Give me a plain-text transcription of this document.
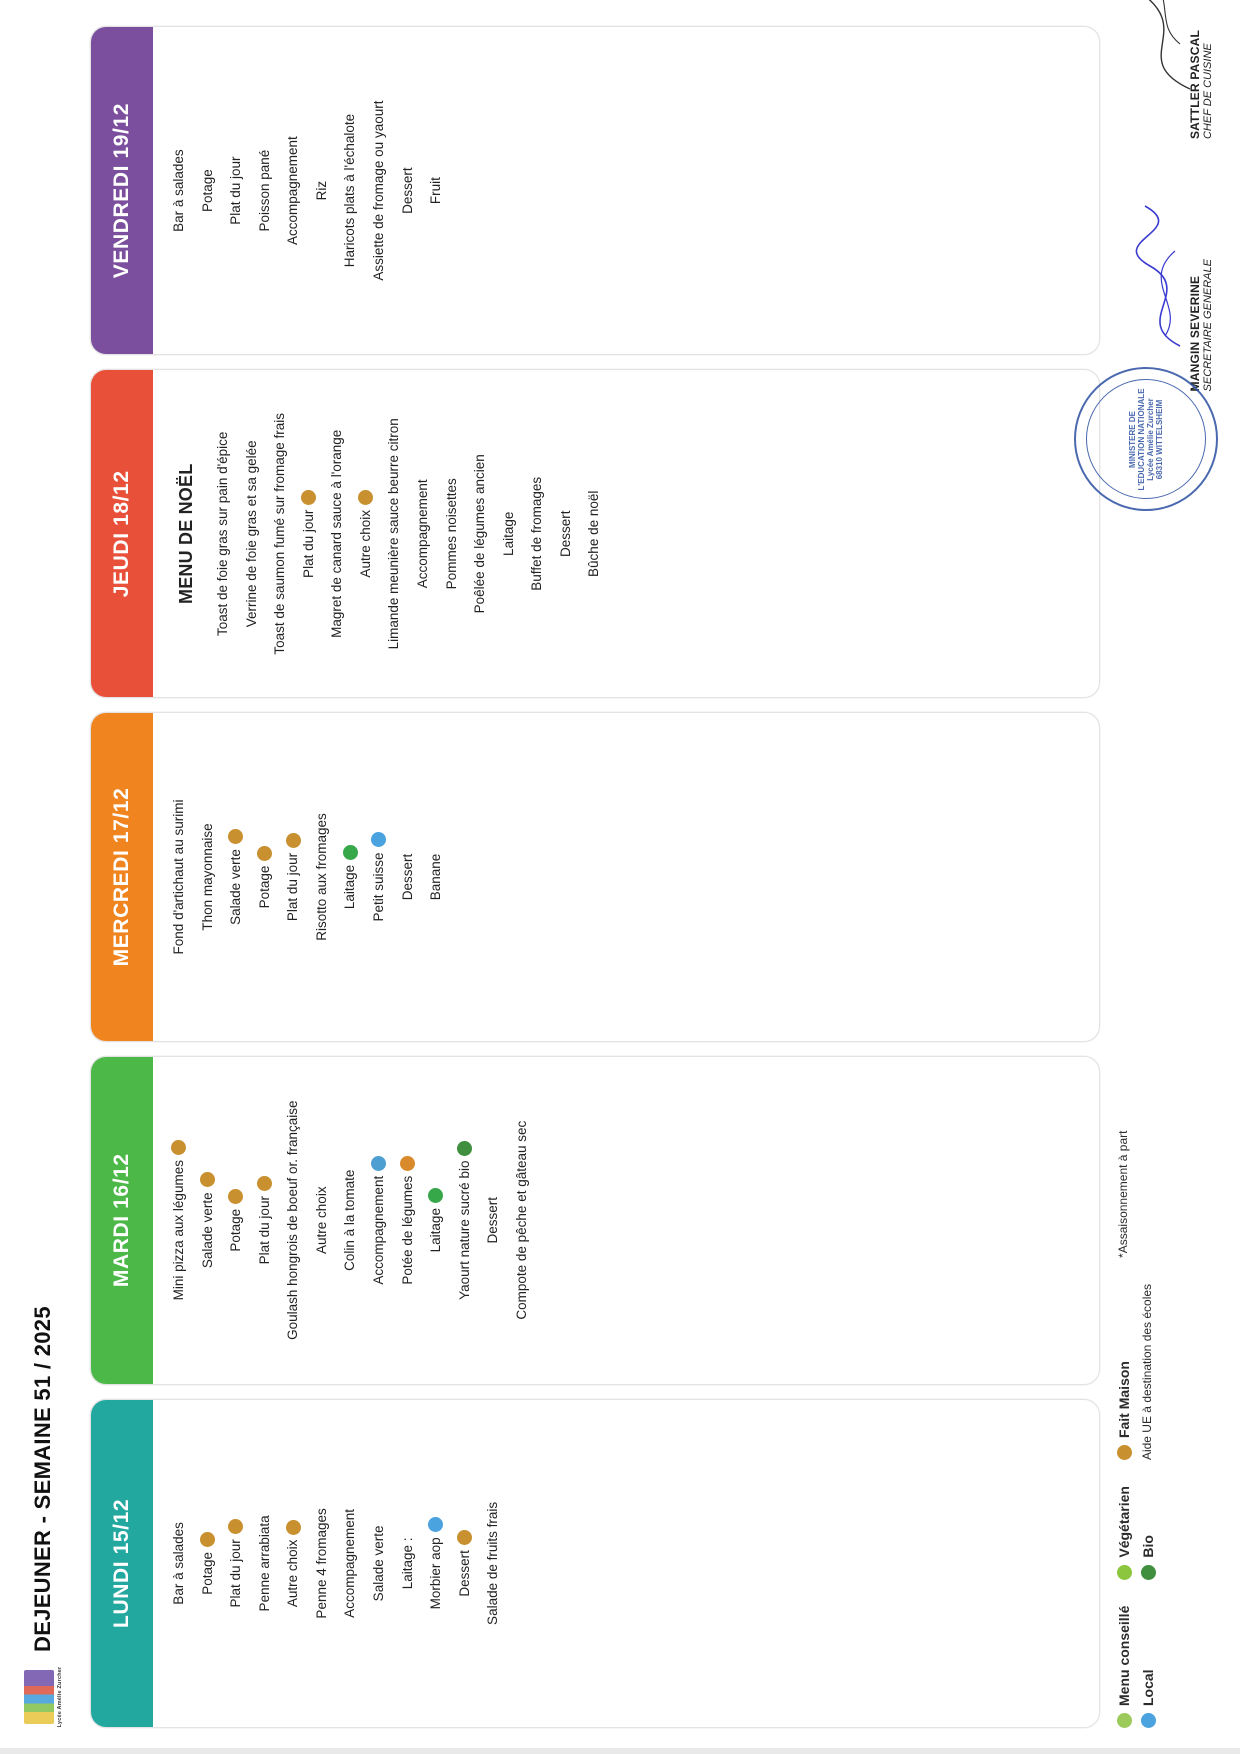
Lycée Amélie Zurcher
DEJEUNER - SEMAINE 51 / 2025	LUNDI 15/12	Bar à salades Potage Plat du jour Penne arrabiata Autre choix Penne 4 fromages Accompagnement Salade verte Laitage : Morbier aop Dessert Salade de fruits frais
MARDI 16/12	Mini pizza aux légumes Salade verte Potage Plat du jour Goulash hongrois de boeuf or. française Autre choix Colin à la tomate Accompagnement Potée de légumes Laitage Yaourt nature sucré bio Dessert Compote de pêche et gâteau sec
MERCREDI 17/12	Fond d'artichaut au surimi Thon mayonnaise Salade verte Potage Plat du jour Risotto aux fromages Laitage Petit suisse Dessert Banane
JEUDI 18/12	MENU DE NOËL Toast de foie gras sur pain d'épice Verrine de foie gras et sa gelée Toast de saumon fumé sur fromage frais Plat du jour Magret de canard sauce à l'orange Autre choix Limande meunière sauce beurre citron Accompagnement Pommes noisettes Poêlée de légumes ancien Laitage Buffet de fromages Dessert Bûche de noël
VENDREDI 19/12	Bar à salades Potage Plat du jour Poisson pané Accompagnement Riz Haricots plats à l'échalote Assiette de fromage ou yaourt Dessert Fruit
Menu conseillé Local
Végétarien Bio
Fait Maison Aide UE à destination des écoles
*Assaisonnement à part
MINISTERE DE L'EDUCATION NATIONALE Lycée Amélie Zurcher 68310 WITTELSHEIM
MANGIN SEVERINE SECRETAIRE GENERALE
SATTLER PASCAL CHEF DE CUISINE
